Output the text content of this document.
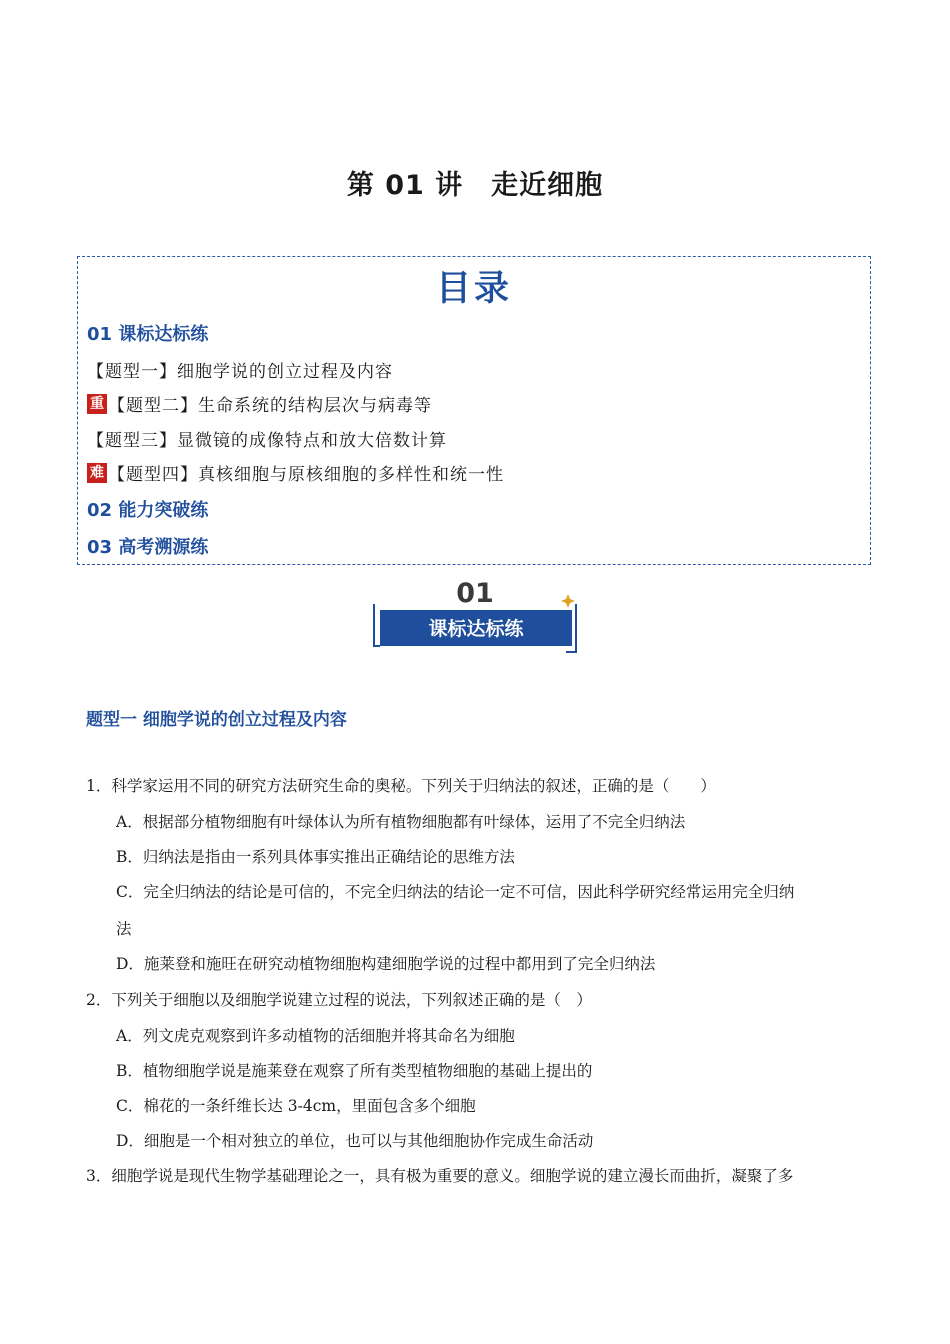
第 01 讲　走近细胞
目录
01 课标达标练
【题型一】细胞学说的创立过程及内容
重 【题型二】生命系统的结构层次与病毒等
【题型三】显微镜的成像特点和放大倍数计算
难 【题型四】真核细胞与原核细胞的多样性和统一性
02 能力突破练
03 高考溯源练
01
课标达标练
题型一 细胞学说的创立过程及内容
1．科学家运用不同的研究方法研究生命的奥秘。下列关于归纳法的叙述，正确的是（　　）
A．根据部分植物细胞有叶绿体认为所有植物细胞都有叶绿体，运用了不完全归纳法
B．归纳法是指由一系列具体事实推出正确结论的思维方法
C．完全归纳法的结论是可信的，不完全归纳法的结论一定不可信，因此科学研究经常运用完全归纳
法
D．施莱登和施旺在研究动植物细胞构建细胞学说的过程中都用到了完全归纳法
2．下列关于细胞以及细胞学说建立过程的说法，下列叙述正确的是（　）
A．列文虎克观察到许多动植物的活细胞并将其命名为细胞
B．植物细胞学说是施莱登在观察了所有类型植物细胞的基础上提出的
C．棉花的一条纤维长达 3-4cm，里面包含多个细胞
D．细胞是一个相对独立的单位，也可以与其他细胞协作完成生命活动
3．细胞学说是现代生物学基础理论之一，具有极为重要的意义。细胞学说的建立漫长而曲折，凝聚了多
